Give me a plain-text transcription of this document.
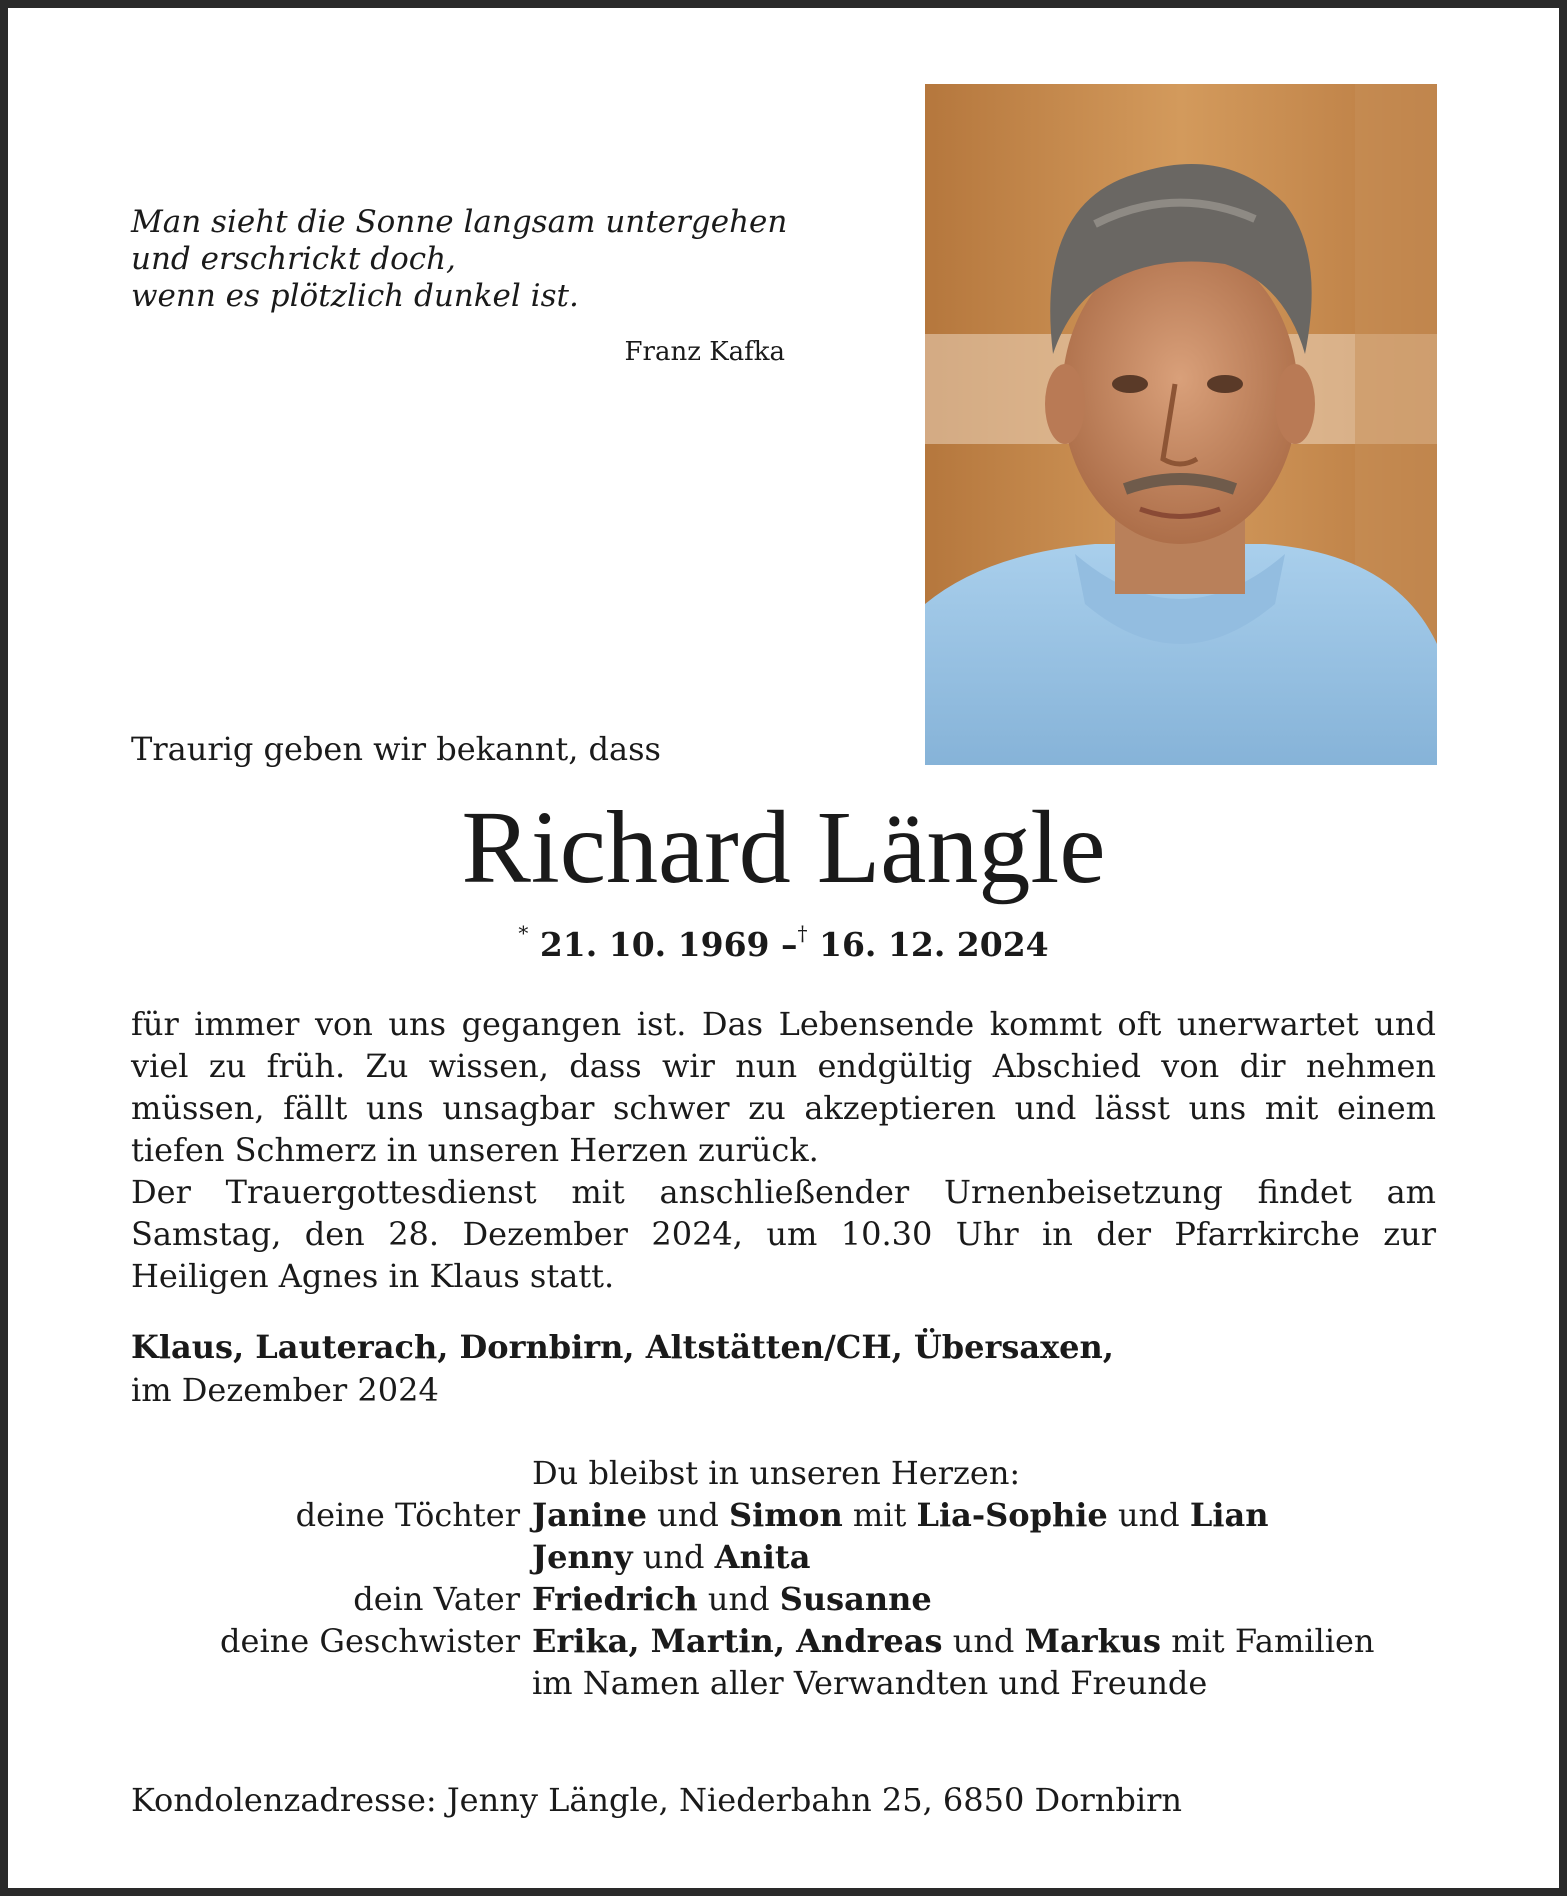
Man sieht die Sonne langsam untergehen
und erschrickt doch,
wenn es plötzlich dunkel ist.
Franz Kafka
Traurig geben wir bekannt, dass
Richard Längle
* 21. 10. 1969 –† 16. 12. 2024

für immer von uns gegangen ist. Das Lebensende kommt oft unerwartet und viel zu früh. Zu wissen, dass wir nun endgültig Abschied von dir nehmen müssen, fällt uns unsagbar schwer zu akzeptieren und lässt uns mit einem tiefen Schmerz in unseren Herzen zurück.

Der Trauergottesdienst mit anschließender Urnenbeisetzung findet am Samstag, den 28. Dezember 2024, um 10.30 Uhr in der Pfarrkirche zur Heiligen Agnes in Klaus statt.

Klaus, Lauterach, Dornbirn, Altstätten/CH, Übersaxen,
im Dezember 2024
Du bleibst in unseren Herzen:
deine Töchter Janine und Simon mit Lia-Sophie und Lian
Jenny und Anita
dein Vater Friedrich und Susanne
deine Geschwister Erika, Martin, Andreas und Markus mit Familien
im Namen aller Verwandten und Freunde
Kondolenzadresse: Jenny Längle, Niederbahn 25, 6850 Dornbirn
